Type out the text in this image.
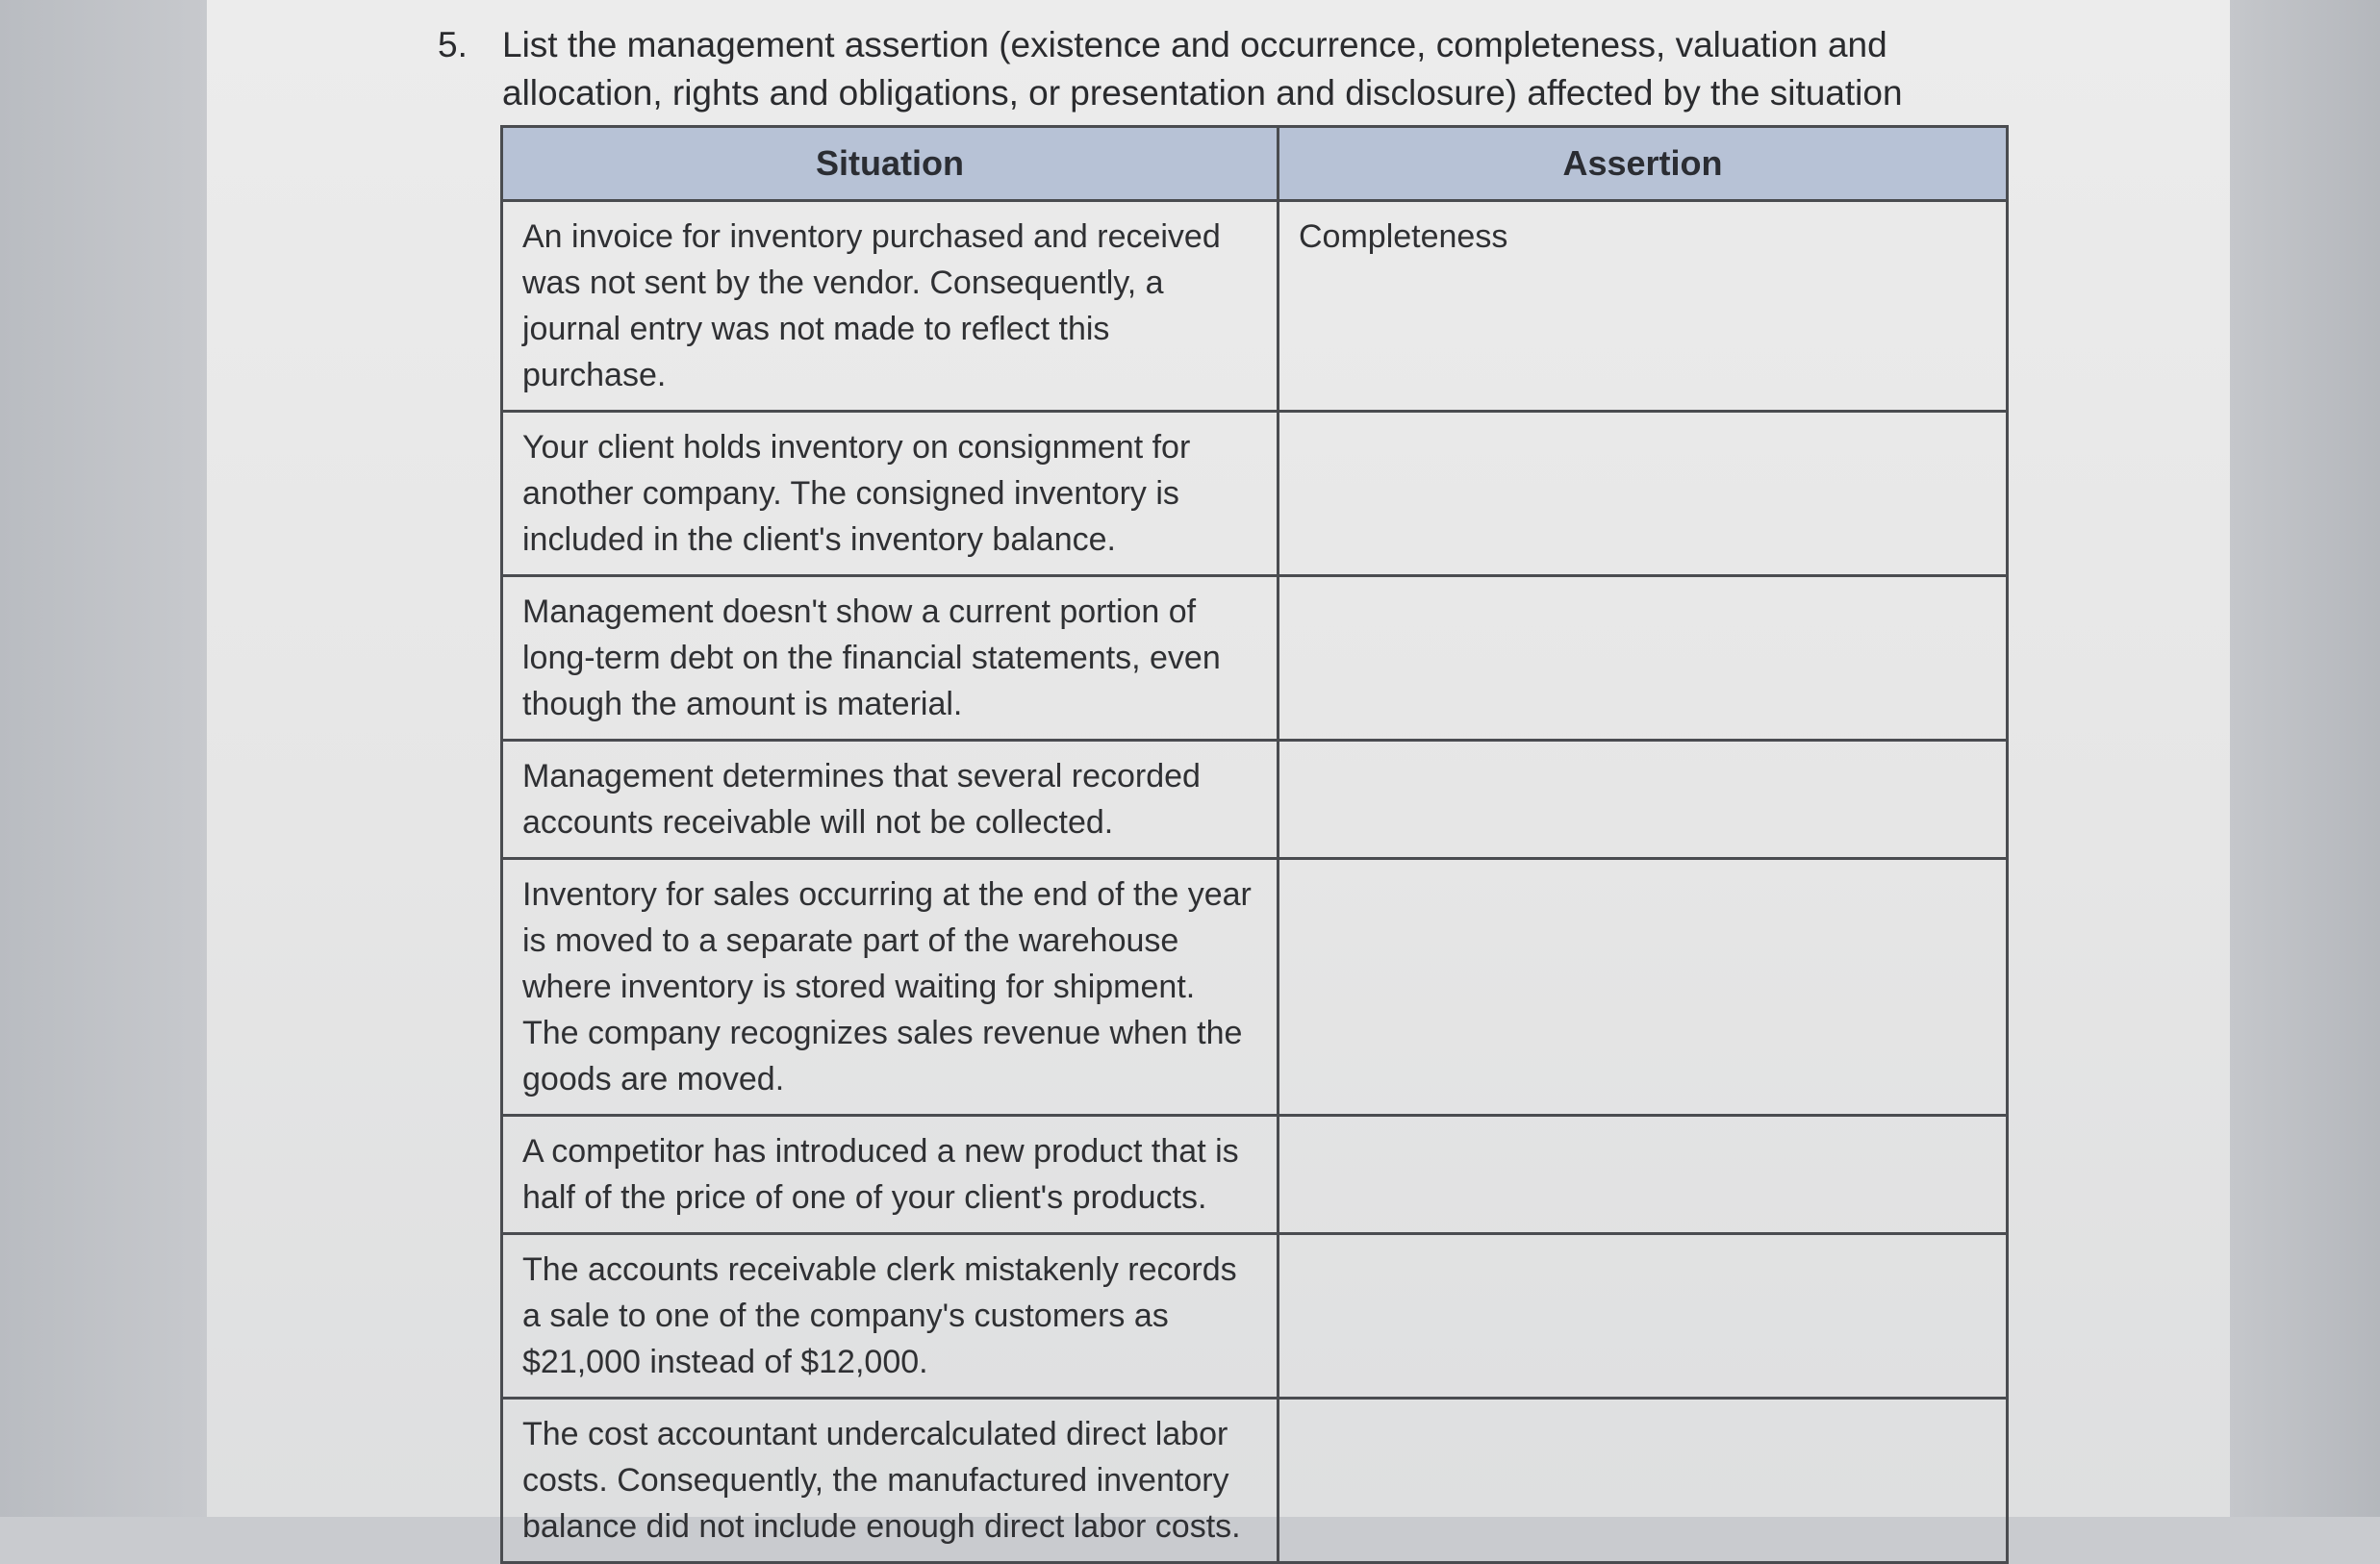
5. List the management assertion (existence and occurrence, completeness, valuation and allocation, rights and obligations, or presentation and disclosure) affected by the situation
Situation	Assertion
An invoice for inventory purchased and received was not sent by the vendor. Consequently, a journal entry was not made to reflect this purchase.	Completeness
Your client holds inventory on consignment for another company. The consigned inventory is included in the client's inventory balance.	
Management doesn't show a current portion of long-term debt on the financial statements, even though the amount is material.	
Management determines that several recorded accounts receivable will not be collected.	
Inventory for sales occurring at the end of the year is moved to a separate part of the warehouse where inventory is stored waiting for shipment. The company recognizes sales revenue when the goods are moved.	
A competitor has introduced a new product that is half of the price of one of your client's products.	
The accounts receivable clerk mistakenly records a sale to one of the company's customers as $21,000 instead of $12,000.	
The cost accountant undercalculated direct labor costs. Consequently, the manufactured inventory balance did not include enough direct labor costs.	
